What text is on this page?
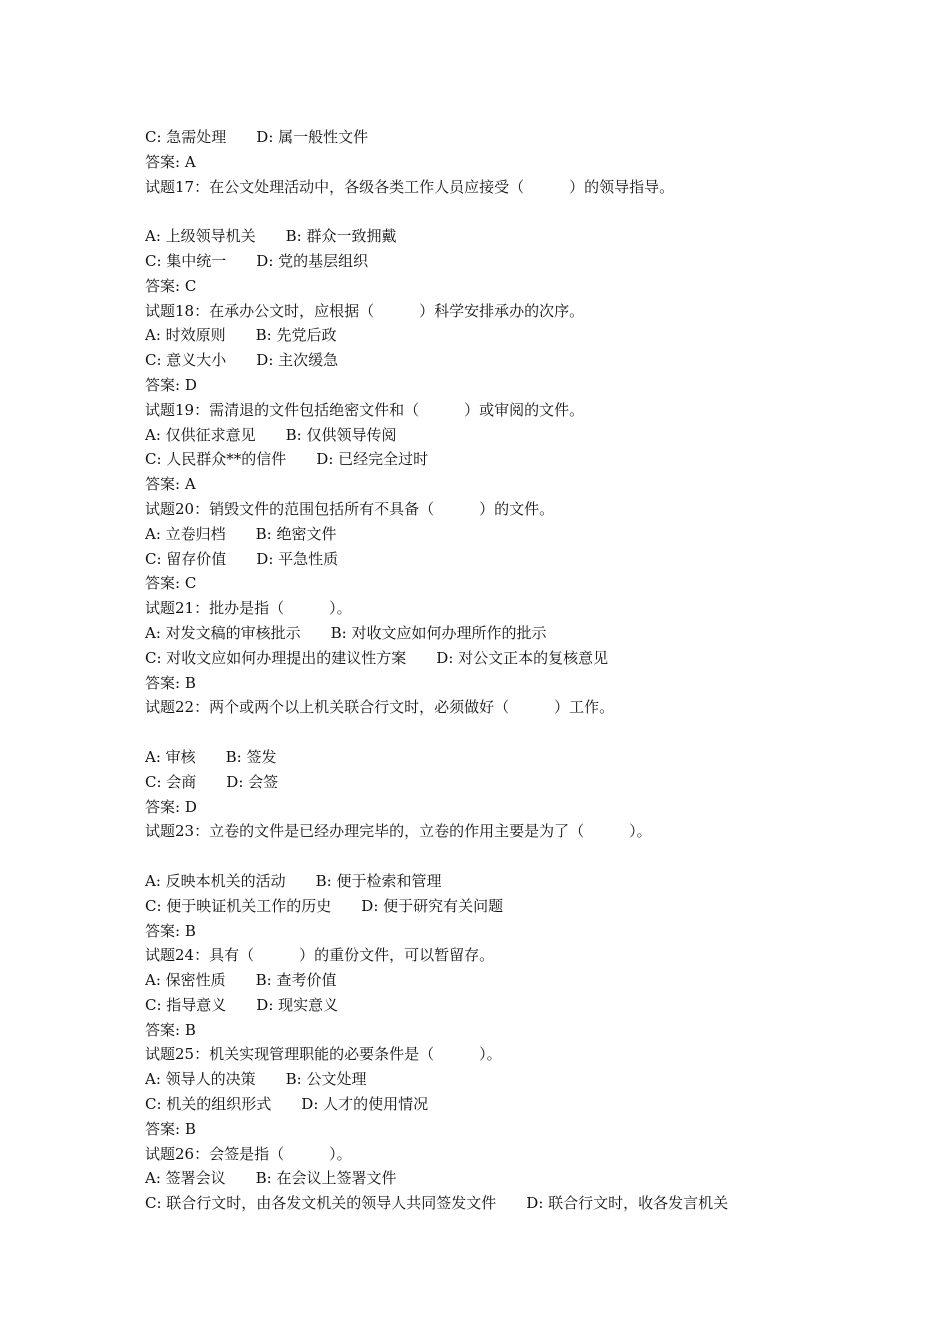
C: 急需处理　　D: 属一般性文件
答案: A
试题17：在公文处理活动中，各级各类工作人员应接受（　　　）的领导指导。
A: 上级领导机关　　B: 群众一致拥戴
C: 集中统一　　D: 党的基层组织
答案: C
试题18：在承办公文时，应根据（　　　）科学安排承办的次序。
A: 时效原则　　B: 先党后政
C: 意义大小　　D: 主次缓急
答案: D
试题19：需清退的文件包括绝密文件和（　　　）或审阅的文件。
A: 仅供征求意见　　B: 仅供领导传阅
C: 人民群众**的信件　　D: 已经完全过时
答案: A
试题20：销毁文件的范围包括所有不具备（　　　）的文件。
A: 立卷归档　　B: 绝密文件
C: 留存价值　　D: 平急性质
答案: C
试题21：批办是指（　　　）。
A: 对发文稿的审核批示　　B: 对收文应如何办理所作的批示
C: 对收文应如何办理提出的建议性方案　　D: 对公文正本的复核意见
答案: B
试题22：两个或两个以上机关联合行文时，必须做好（　　　）工作。
A: 审核　　B: 签发
C: 会商　　D: 会签
答案: D
试题23：立卷的文件是已经办理完毕的，立卷的作用主要是为了（　　　）。
A: 反映本机关的活动　　B: 便于检索和管理
C: 便于映证机关工作的历史　　D: 便于研究有关问题
答案: B
试题24：具有（　　　）的重份文件，可以暂留存。
A: 保密性质　　B: 查考价值
C: 指导意义　　D: 现实意义
答案: B
试题25：机关实现管理职能的必要条件是（　　　）。
A: 领导人的决策　　B: 公文处理
C: 机关的组织形式　　D: 人才的使用情况
答案: B
试题26：会签是指（　　　）。
A: 签署会议　　B: 在会议上签署文件
C: 联合行文时，由各发文机关的领导人共同签发文件　　D: 联合行文时，收各发言机关
